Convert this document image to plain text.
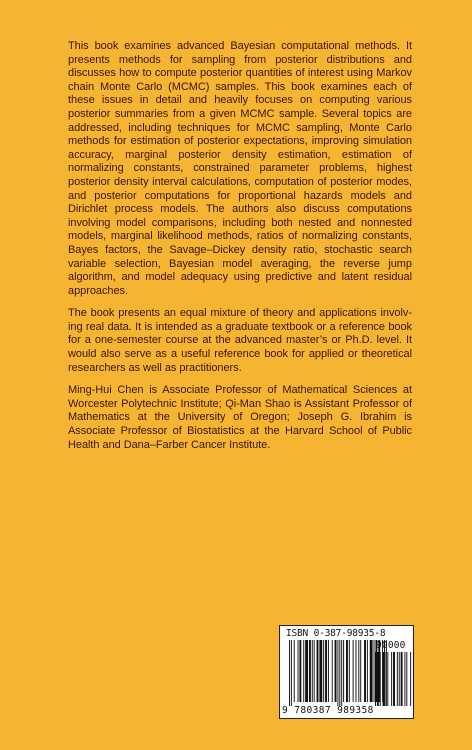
This book examines advanced Bayesian computational methods. It presents methods for sampling from posterior distributions and discusses how to compute posterior quantities of interest using Markov chain Monte Carlo (MCMC) samples. This book examines each of these issues in detail and heavily focuses on computing various posterior summaries from a given MCMC sample. Several topics are addressed, including techniques for MCMC sampling, Monte Carlo methods for estimation of posterior expectations, improving simulation accuracy, marginal posterior density estimation, estimation of normalizing constants, constrained parameter problems, highest posterior density interval calculations, computation of posterior modes, and posterior computations for proportional hazards models and Dirichlet process models. The authors also discuss computations involving model comparisons, including both nested and nonnested models, marginal likelihood methods, ratios of normalizing constants, Bayes factors, the Savage–Dickey density ratio, stochastic search variable selection, Bayesian model averaging, the reverse jump algorithm, and model adequacy using predictive and latent residual approaches.

The book presents an equal mixture of theory and applications involving real data. It is intended as a graduate textbook or a reference book for a one-semester course at the advanced master’s or Ph.D. level. It would also serve as a useful reference book for applied or theoretical researchers as well as practitioners.

Ming-Hui Chen is Associate Professor of Mathematical Sciences at Worcester Polytechnic Institute; Qi-Man Shao is Assistant Professor of Mathematics at the University of Oregon; Joseph G. Ibrahim is Associate Professor of Biostatistics at the Harvard School of Public Health and Dana–Farber Cancer Institute.

ISBN 0-387-98935-8
90000
9 780387 989358
